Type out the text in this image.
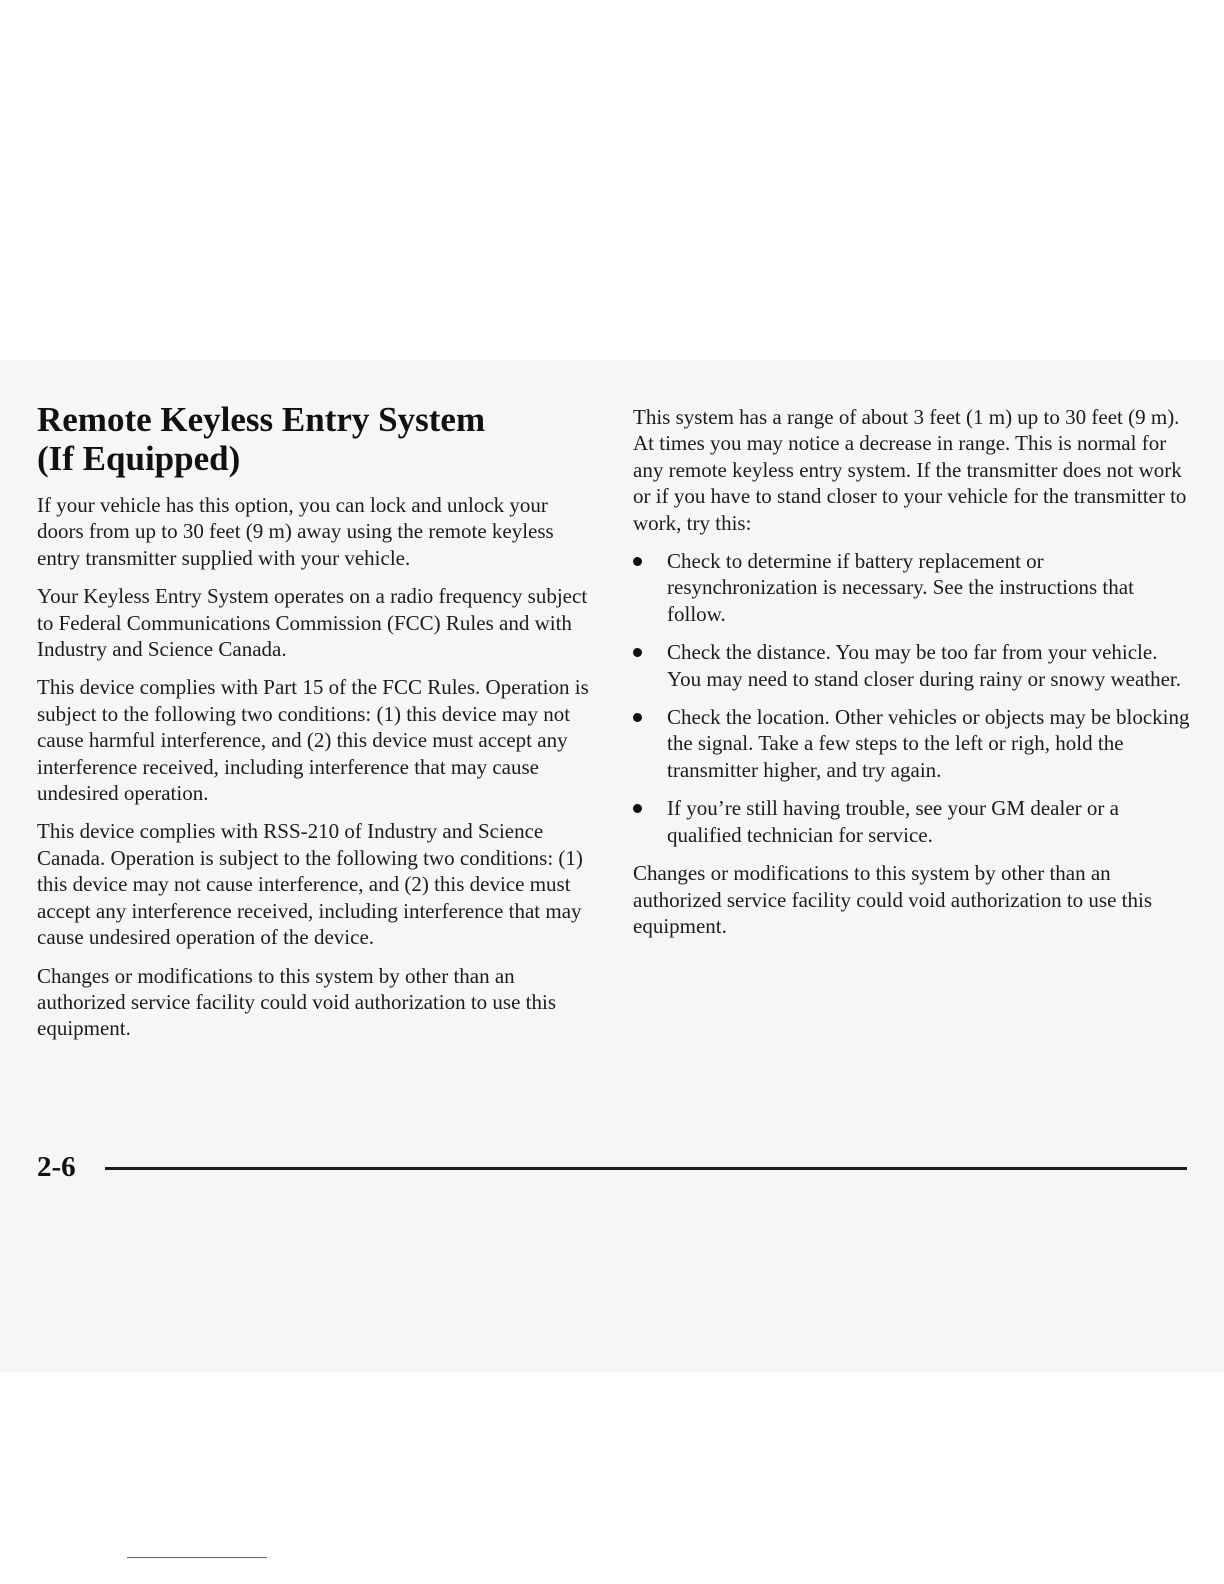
Remote Keyless Entry System
(If Equipped)

If your vehicle has this option, you can lock and unlock your doors from up to 30 feet (9 m) away using the remote keyless entry transmitter supplied with your vehicle.

Your Keyless Entry System operates on a radio frequency subject to Federal Communications Commission (FCC) Rules and with Industry and Science Canada.

This device complies with Part 15 of the FCC Rules. Operation is subject to the following two conditions: (1) this device may not cause harmful interference, and (2) this device must accept any interference received, including interference that may cause undesired operation.

This device complies with RSS-210 of Industry and Science Canada. Operation is subject to the following two conditions: (1) this device may not cause interference, and (2) this device must accept any interference received, including interference that may cause undesired operation of the device.

Changes or modifications to this system by other than an authorized service facility could void authorization to use this equipment.

This system has a range of about 3 feet (1 m) up to 30 feet (9 m). At times you may notice a decrease in range. This is normal for any remote keyless entry system. If the transmitter does not work or if you have to stand closer to your vehicle for the transmitter to work, try this:

Check to determine if battery replacement or resynchronization is necessary. See the instructions that follow.
Check the distance. You may be too far from your vehicle. You may need to stand closer during rainy or snowy weather.
Check the location. Other vehicles or objects may be blocking the signal. Take a few steps to the left or righ, hold the transmitter higher, and try again.
If you’re still having trouble, see your GM dealer or a qualified technician for service.

Changes or modifications to this system by other than an authorized service facility could void authorization to use this equipment.

2-6
